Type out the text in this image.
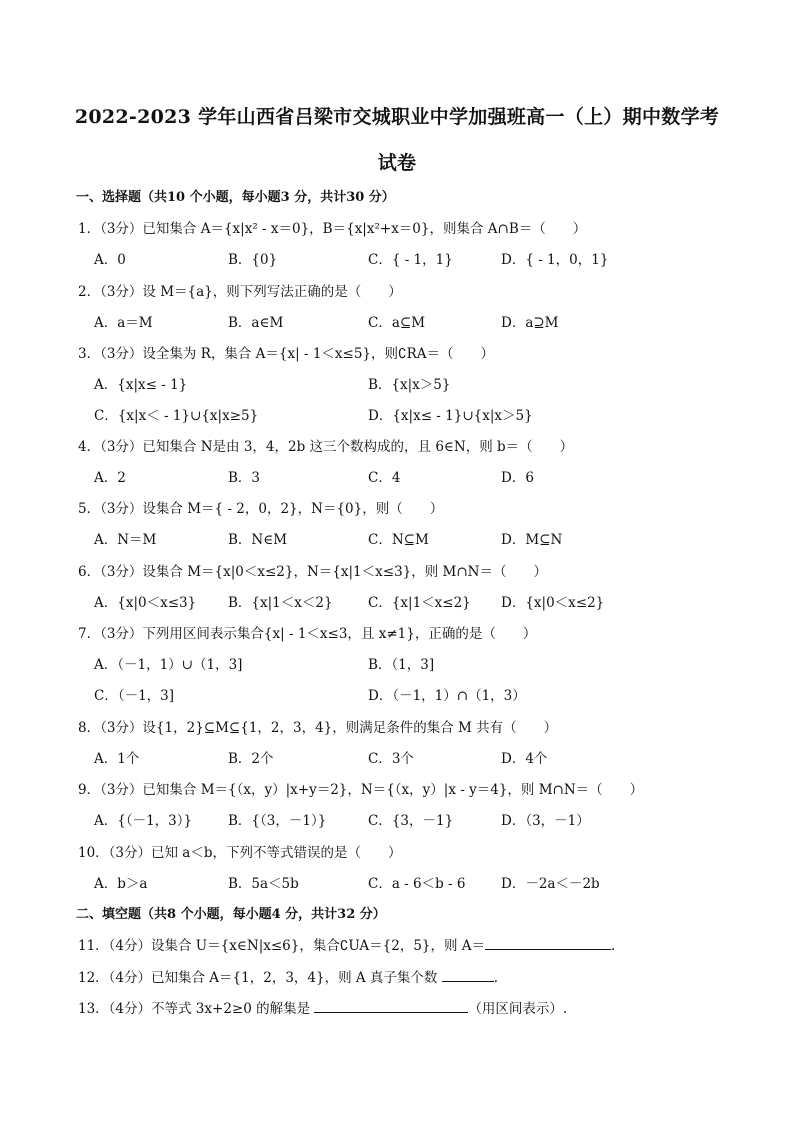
2022-2023 学年山西省吕梁市交城职业中学加强班高一（上）期中数学考
试卷
一、选择题（共10 个小题，每小题3 分，共计30 分）
1．（3分）已知集合 A＝{x|x² - x＝0}，B＝{x|x²+x＝0}，则集合 A∩B＝（　　）
A．0	B．{0}	C．{ - 1，1}	D．{ - 1，0，1}
2．（3分）设 M＝{a}，则下列写法正确的是（　　）
A．a＝M	B．a∈M	C．a⊆M	D．a⊇M
3．（3分）设全集为 R，集合 A＝{x| - 1＜x≤5}，则∁RA＝（　　）
A．{x|x≤ - 1}	B．{x|x＞5}
C．{x|x＜ - 1}∪{x|x≥5}	D．{x|x≤ - 1}∪{x|x＞5}
4．（3分）已知集合 N是由 3，4，2b 这三个数构成的，且 6∈N，则 b＝（　　）
A．2	B．3	C．4	D．6
5．（3分）设集合 M＝{ - 2，0，2}，N＝{0}，则（　　）
A．N＝M	B．N∈M	C．N⊆M	D．M⊆N
6．（3分）设集合 M＝{x|0＜x≤2}，N＝{x|1＜x≤3}，则 M∩N＝（　　）
A．{x|0＜x≤3} B．{x|1＜x＜2}	C．{x|1＜x≤2} D．{x|0＜x≤2}
7．（3分）下列用区间表示集合{x| - 1＜x≤3，且 x≠1}，正确的是（　　）
A．（－1，1）∪（1，3]	B．（1，3]
C．（－1，3]	D．（－1，1）∩（1，3）
8．（3分）设{1，2}⊆M⊆{1，2，3，4}，则满足条件的集合 M 共有（　　）
A．1个	B．2个	C．3个	D．4个
9．（3分）已知集合 M＝{（x，y）|x+y＝2}，N＝{（x，y）|x - y＝4}，则 M∩N＝（　　）
A．{（－1，3）}	B．{（3，－1）}	C．{3，－1}	D．（3，－1）
10．（3分）已知 a＜b，下列不等式错误的是（　　）
A．b＞a	B．5a＜5b	C．a - 6＜b - 6	D．－2a＜－2b
二、填空题（共8 个小题，每小题4 分，共计32 分）
11．（4分）设集合 U＝{x∈N|x≤6}，集合∁UA＝{2，5}，则 A＝	.
12．（4分）已知集合 A＝{1，2，3，4}，则 A 真子集个数	.
13．（4分）不等式 3x+2≥0 的解集是	（用区间表示）.
